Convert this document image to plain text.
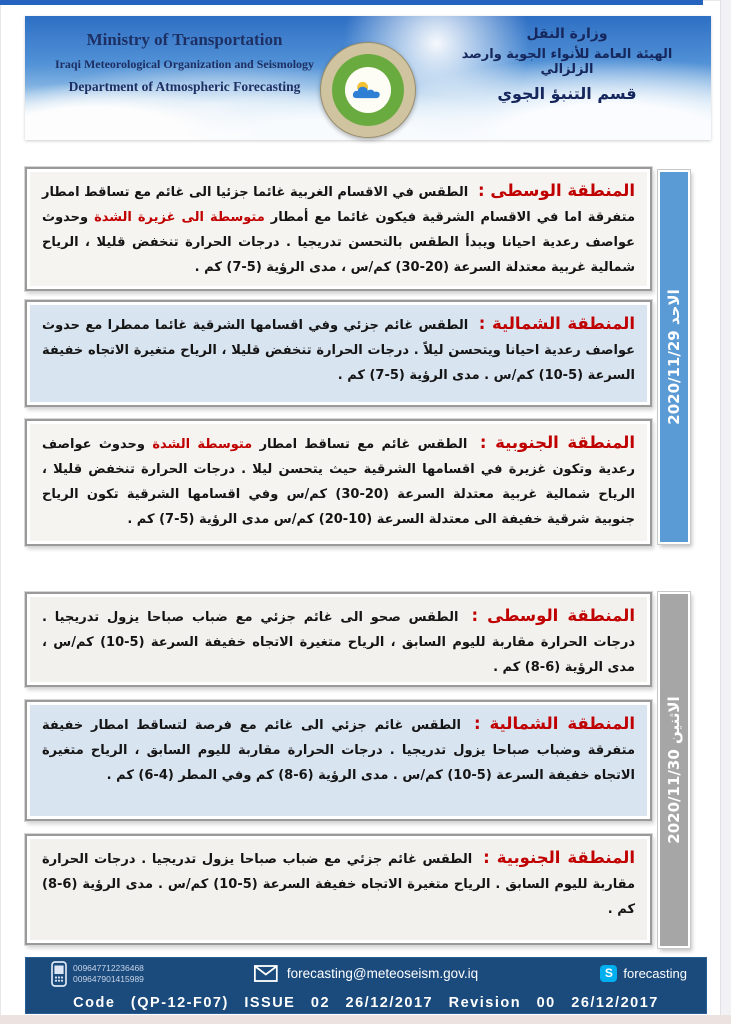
Ministry of Transportation
Iraqi Meteorological Organization and Seismology
Department of Atmospheric Forecasting
وزارة النقل
الهيئة العامة للأنواء الجوية وارصد الزلزالي
قسم التنبؤ الجوي

المنطقة الوسطى : الطقس في الاقسام الغربية غائما جزئيا الى غائم مع تساقط امطار متفرقة اما في الاقسام الشرقية فيكون غائما مع أمطار متوسطة الى غزيرة الشدة وحدوث عواصف رعدية احيانا ويبدأ الطقس بالتحسن تدريجيا . درجات الحرارة تنخفض قليلا ، الرياح شمالية غربية معتدلة السرعة (20-30) كم/س ، مدى الرؤية (5-7) كم .

المنطقة الشمالية : الطقس غائم جزئي وفي اقسامها الشرقية غائما ممطرا مع حدوث عواصف رعدية احيانا ويتحسن ليلاً . درجات الحرارة تنخفض قليلا ، الرياح متغيرة الاتجاه خفيفة السرعة (5-10) كم/س . مدى الرؤية (5-7) كم .

المنطقة الجنوبية : الطقس غائم مع تساقط امطار متوسطة الشدة وحدوث عواصف رعدية وتكون غزيرة في اقسامها الشرقية حيث يتحسن ليلا . درجات الحرارة تنخفض قليلا ، الرياح شمالية غربية معتدلة السرعة (20-30) كم/س وفي اقسامها الشرقية تكون الرياح جنوبية شرقية خفيفة الى معتدلة السرعة (10-20) كم/س مدى الرؤية (5-7) كم .

الاحد 2020/11/29

المنطقة الوسطى : الطقس صحو الى غائم جزئي مع ضباب صباحا يزول تدريجيا . درجات الحرارة مقاربة لليوم السابق ، الرياح متغيرة الاتجاه خفيفة السرعة (5-10) كم/س ، مدى الرؤية (6-8) كم .

المنطقة الشمالية : الطقس غائم جزئي الى غائم مع فرصة لتساقط امطار خفيفة متفرقة وضباب صباحا يزول تدريجيا . درجات الحرارة مقاربة لليوم السابق ، الرياح متغيرة الاتجاه خفيفة السرعة (5-10) كم/س . مدى الرؤية (6-8) كم وفي المطر (4-6) كم .

المنطقة الجنوبية : الطقس غائم جزئي مع ضباب صباحا يزول تدريجيا . درجات الحرارة مقاربة لليوم السابق . الرياح متغيرة الاتجاه خفيفة السرعة (5-10) كم/س . مدى الرؤية (6-8) كم .

الاثنين 2020/11/30
009647712236468
009647901415989	forecasting@meteoseism.gov.iq	S forecasting
Code (QP-12-F07) ISSUE 02 26/12/2017 Revision 00 26/12/2017
